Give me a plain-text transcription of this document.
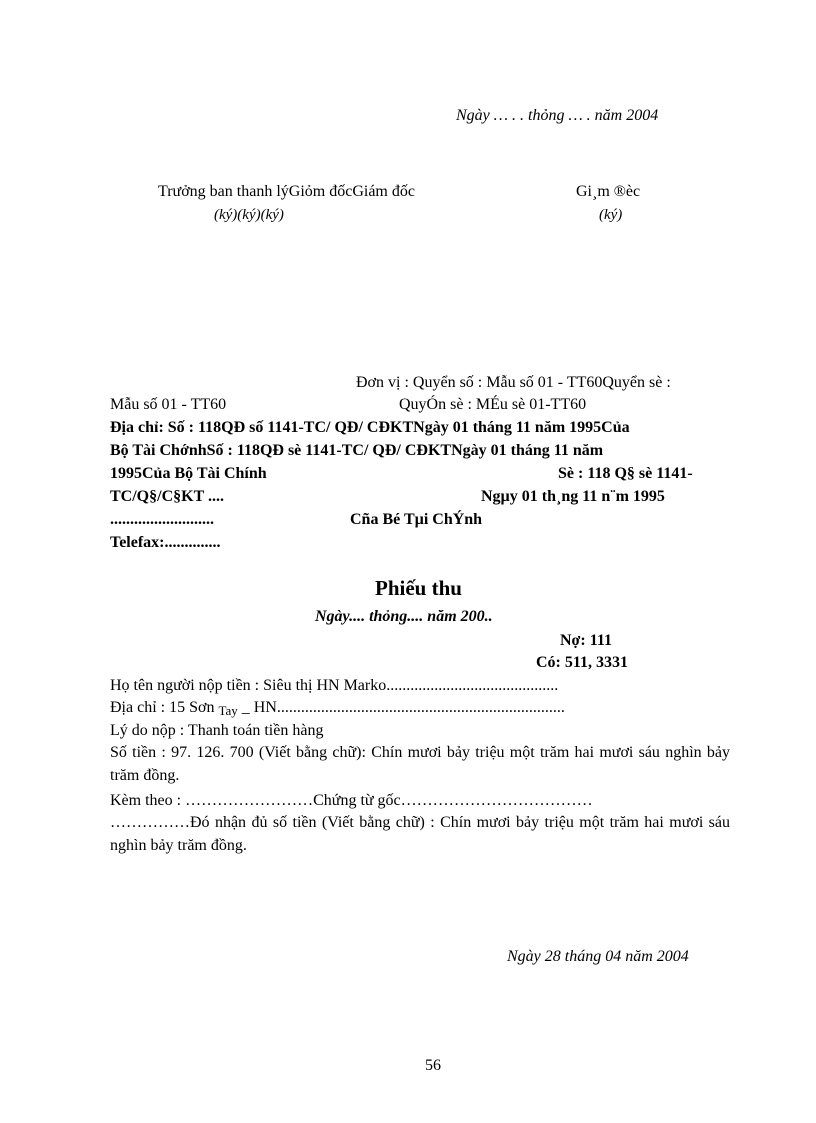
Ngày … . . thỏng … . năm 2004
Trưởng ban thanh lýGiỏm đốcGiám đốc
(ký)(ký)(ký)
Gi¸m ®èc
(ký)
Đơn vị : Quyển số : Mẫu số 01 - TT60Quyển sè :
Mẫu số 01 - TT60	QuyÓn sè : MÉu sè 01-TT60
Địa chỉ: Số : 118QĐ số 1141-TC/ QĐ/ CĐKTNgày 01 tháng 11 năm 1995Của
Bộ Tài ChớnhSố : 118QĐ sè 1141-TC/ QĐ/ CĐKTNgày 01 tháng 11 năm
1995Của Bộ Tài Chính	Sè : 118 Q§ sè 1141-
TC/Q§/C§KT ....	Ngµy 01 th¸ng 11 n¨m 1995
..........................	Cña Bé Tµi ChÝnh
Telefax:..............
Phiếu thu
Ngày.... thỏng.... năm 200..
Nợ: 111
Có: 511, 3331
Họ tên người nộp tiền : Siêu thị HN Marko...........................................
Địa chỉ : 15 Sơn $_{Tay}$ _ HN........................................................................
Lý do nộp : Thanh toán tiền hàng
Số tiền : 97. 126. 700 (Viết bằng chữ): Chín mươi bảy triệu một trăm hai mươi sáu nghìn bảy trăm đồng.
Kèm theo : ……………………Chứng từ gốc………………………………
……………Đó nhận đủ số tiền (Viết bằng chữ) : Chín mươi bảy triệu một trăm hai mươi sáu nghìn bảy trăm đồng.
Ngày 28 tháng 04 năm 2004
56
